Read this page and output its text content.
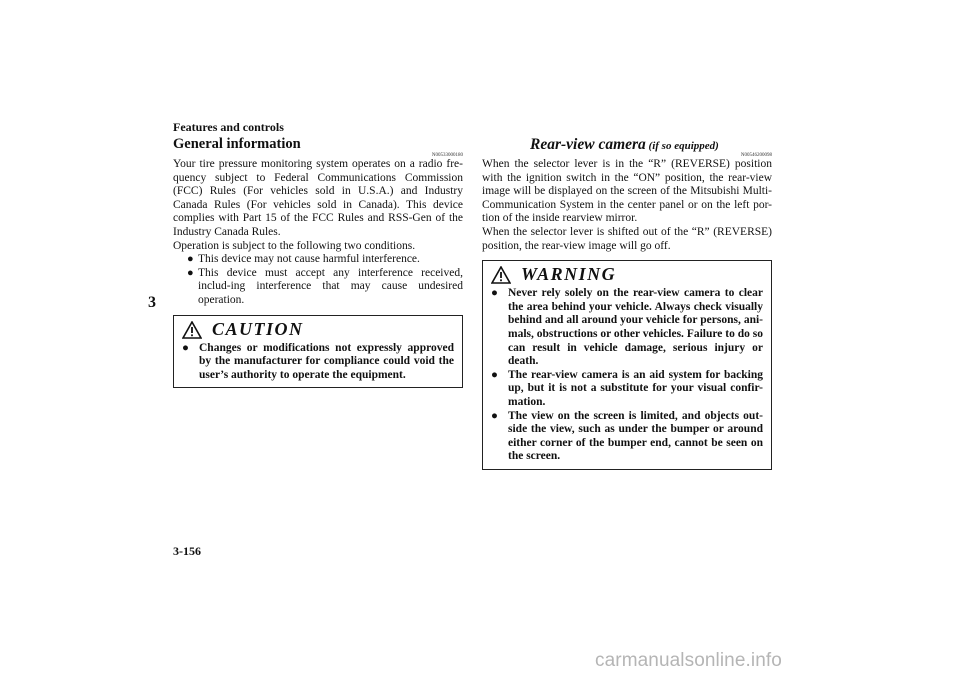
Features and controls
3
General information
N00533000180

Your tire pressure monitoring system operates on a radio fre-quency subject to Federal Communications Commission (FCC) Rules (For vehicles sold in U.S.A.) and Industry Canada Rules (For vehicles sold in Canada). This device complies with Part 15 of the FCC Rules and RSS-Gen of the Industry Canada Rules.

Operation is subject to the following two conditions.

● This device may not cause harmful interference.
● This device must accept any interference received, includ-ing interference that may cause undesired operation.
CAUTION
● Changes or modifications not expressly approved by the manufacturer for compliance could void the user’s authority to operate the equipment.
Rear-view camera (if so equipped)
N00546200098

When the selector lever is in the “R” (REVERSE) position with the ignition switch in the “ON” position, the rear-view image will be displayed on the screen of the Mitsubishi Multi-Communication System in the center panel or on the left por-tion of the inside rearview mirror.

When the selector lever is shifted out of the “R” (REVERSE) position, the rear-view image will go off.

WARNING
● Never rely solely on the rear-view camera to clear the area behind your vehicle. Always check visually behind and all around your vehicle for persons, ani-mals, obstructions or other vehicles. Failure to do so can result in vehicle damage, serious injury or death.
● The rear-view camera is an aid system for backing up, but it is not a substitute for your visual confir-mation.
● The view on the screen is limited, and objects out-side the view, such as under the bumper or around either corner of the bumper end, cannot be seen on the screen.
3-156
carmanualsonline.info
